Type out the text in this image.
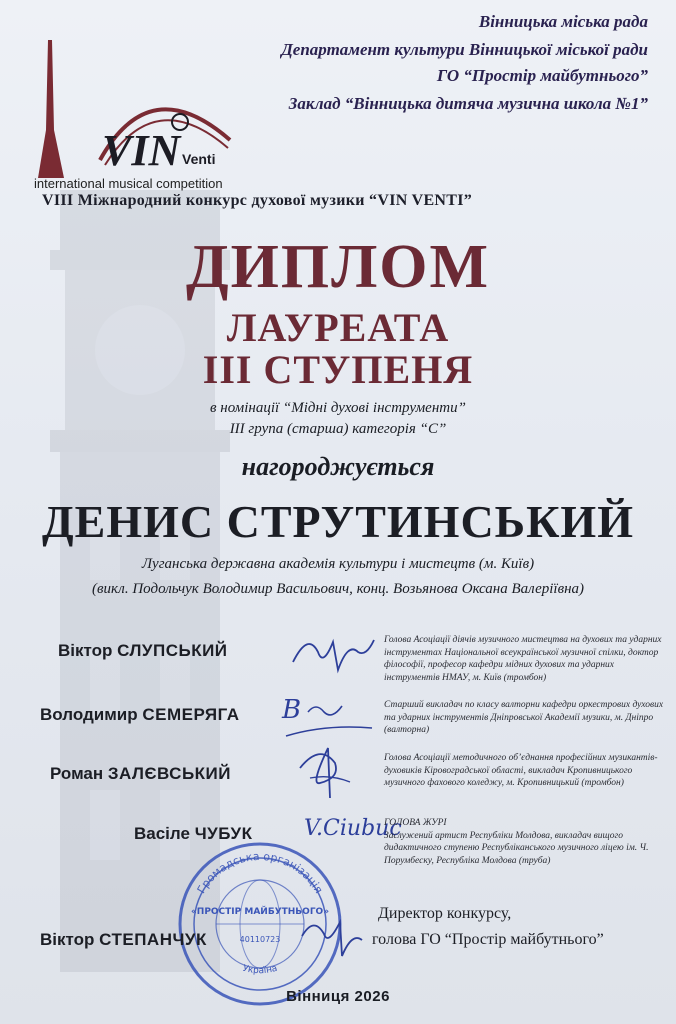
Вінницька міська рада
Департамент культури Вінницької міської ради
ГО “Простір майбутнього”
Заклад “Вінницька дитяча музична школа №1”
VIN Venti
international musical competition
VIII Міжнародний конкурс духової музики “VIN VENTI”
ДИПЛОМ
ЛАУРЕАТА
ІІІ СТУПЕНЯ
в номінації “Мідні духові інструменти”
ІІІ група (старша) категорія “С”
нагороджується
ДЕНИС СТРУТИНСЬКИЙ
Луганська державна академія культури і мистецтв (м. Київ)
(викл. Подольчук Володимир Васильович, конц. Возьянова Оксана Валеріївна)
Віктор СЛУПСЬКИЙ
Голова Асоціації діячів музичного мистецтва на духових та ударних інструментах Національної всеукраїнської музичної спілки, доктор філософії, професор кафедри мідних духових та ударних інструментів НМАУ, м. Київ (тромбон)
Володимир СЕМЕРЯГА В	Старший викладач по класу валторни кафедри оркестрових духових та ударних інструментів Дніпровської Академії музики, м. Дніпро (валторна)
Роман ЗАЛЄВСЬКИЙ
Голова Асоціації методичного об’єднання професійних музикантів-духовиків Кіровоградської області, викладач Кропивницького музичного фахового коледжу, м. Кропивницький (тромбон)
Васіле ЧУБУК V.Ciubuc
ГОЛОВА ЖУРІ
Заслужений артист Республіки Молдова, викладач вищого дидактичного ступеню Республіканського музичного ліцею ім. Ч. Порумбеску, Республіка Молдова (труба)
Громадська організація
«ПРОСТІР МАЙБУТНЬОГО»
40110723
Україна
Віктор СТЕПАНЧУК
Директор конкурсу,
голова ГО “Простір майбутнього”
Вінниця 2026
